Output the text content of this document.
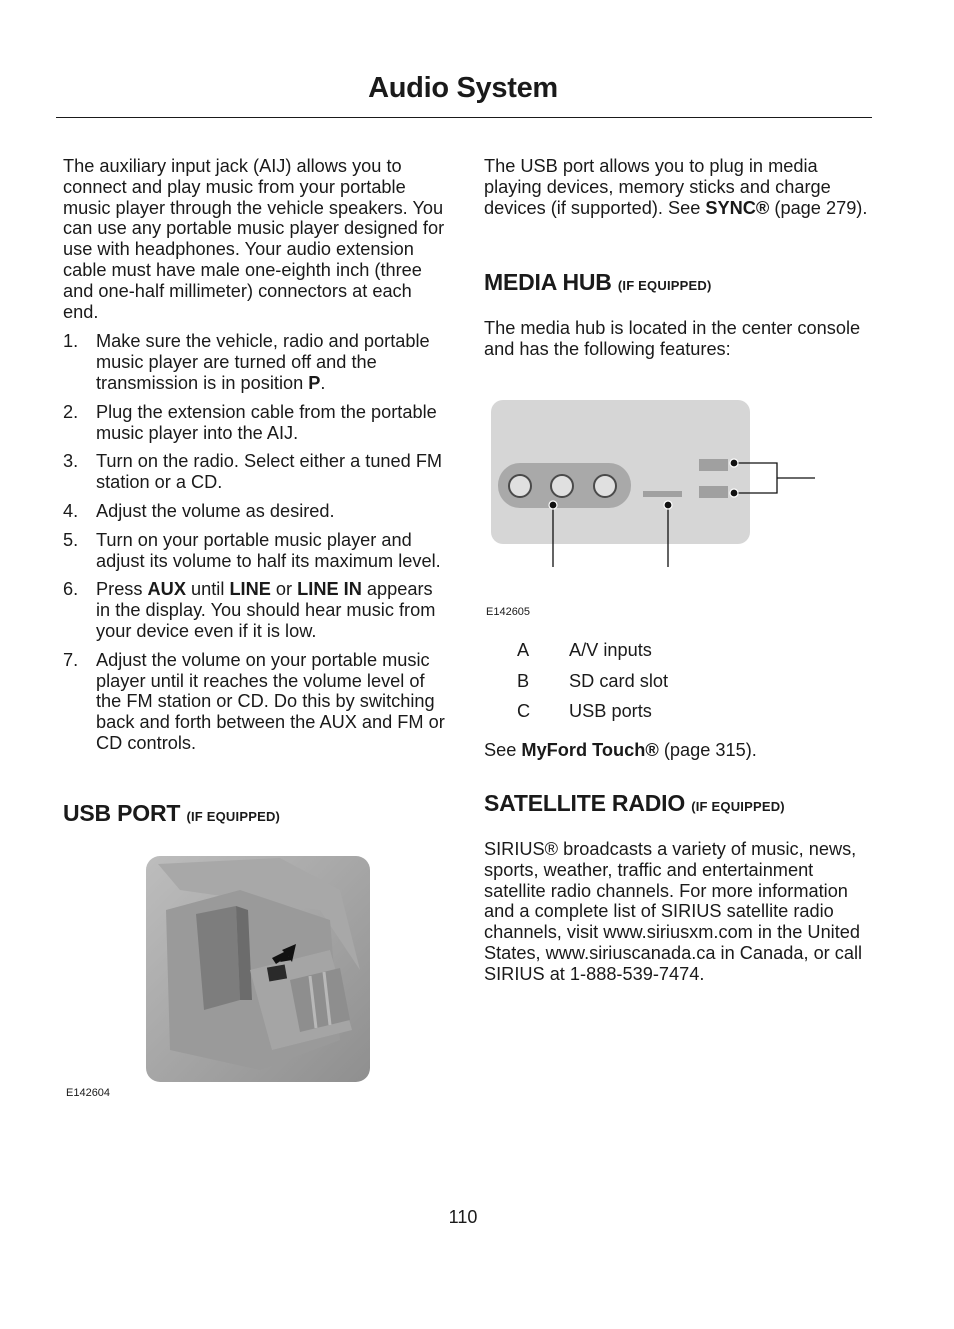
Audio System

The auxiliary input jack (AIJ) allows you to connect and play music from your portable music player through the vehicle speakers. You can use any portable music player designed for use with headphones. Your audio extension cable must have male one-eighth inch (three and one-half millimeter) connectors at each end.

1. Make sure the vehicle, radio and portable music player are turned off and the transmission is in position P.
2. Plug the extension cable from the portable music player into the AIJ.
3. Turn on the radio. Select either a tuned FM station or a CD.
4. Adjust the volume as desired.
5. Turn on your portable music player and adjust its volume to half its maximum level.
6. Press AUX until LINE or LINE IN appears in the display. You should hear music from your device even if it is low.
7. Adjust the volume on your portable music player until it reaches the volume level of the FM station or CD. Do this by switching back and forth between the AUX and FM or CD controls.
USB PORT (IF EQUIPPED)
E142604

The USB port allows you to plug in media playing devices, memory sticks and charge devices (if supported). See SYNC® (page 279).

MEDIA HUB (IF EQUIPPED)
The media hub is located in the center console and has the following features:
E142605
A A/V inputs
B SD card slot
C USB ports
See MyFord Touch® (page 315).
SATELLITE RADIO (IF EQUIPPED)
SIRIUS® broadcasts a variety of music, news, sports, weather, traffic and entertainment satellite radio channels. For more information and a complete list of SIRIUS satellite radio channels, visit www.siriusxm.com in the United States, www.siriuscanada.ca in Canada, or call SIRIUS at 1-888-539-7474.
110
